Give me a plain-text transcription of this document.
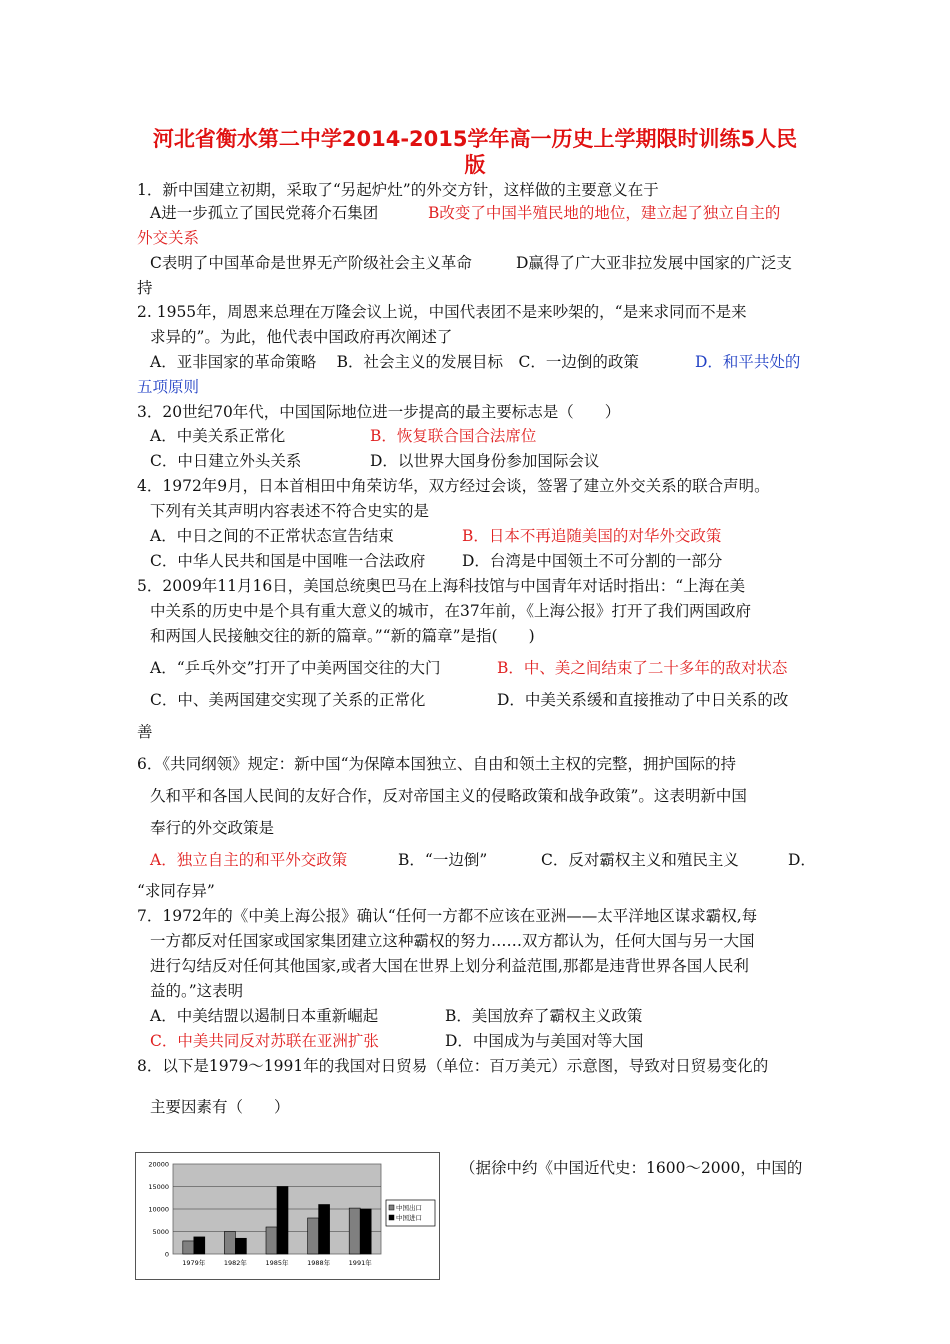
河北省衡水第二中学2014-2015学年高一历史上学期限时训练5人民
版
1．新中国建立初期，采取了“另起炉灶”的外交方针，这样做的主要意义在于
A进一步孤立了国民党蒋介石集团	B改变了中国半殖民地的地位，建立起了独立自主的
外交关系
C表明了中国革命是世界无产阶级社会主义革命	D赢得了广大亚非拉发展中国家的广泛支
持
2. 1955年，周恩来总理在万隆会议上说，中国代表团不是来吵架的，“是来求同而不是来
求异的”。为此，他代表中国政府再次阐述了
A．亚非国家的革命策略　 B．社会主义的发展目标　C．一边倒的政策	D．和平共处的
五项原则
3．20世纪70年代，中国国际地位进一步提高的最主要标志是（　　）
A．中美关系正常化	B．恢复联合国合法席位
C．中日建立外头关系	D．以世界大国身份参加国际会议
4．1972年9月，日本首相田中角荣访华，双方经过会谈，签署了建立外交关系的联合声明。
下列有关其声明内容表述不符合史实的是
A．中日之间的不正常状态宣告结束	B．日本不再追随美国的对华外交政策
C．中华人民共和国是中国唯一合法政府 D．台湾是中国领土不可分割的一部分
5．2009年11月16日，美国总统奥巴马在上海科技馆与中国青年对话时指出：“上海在美
中关系的历史中是个具有重大意义的城市，在37年前，《上海公报》打开了我们两国政府
和两国人民接触交往的新的篇章。”“新的篇章”是指(　　)
A．“乒乓外交”打开了中美两国交往的大门	B．中、美之间结束了二十多年的敌对状态
C．中、美两国建交实现了关系的正常化	D．中美关系缓和直接推动了中日关系的改
善
6．《共同纲领》规定：新中国“为保障本国独立、自由和领土主权的完整，拥护国际的持
久和平和各国人民间的友好合作，反对帝国主义的侵略政策和战争政策”。这表明新中国
奉行的外交政策是
A．独立自主的和平外交政策	B．“一边倒”	C．反对霸权主义和殖民主义	D．
“求同存异”
7．1972年的《中美上海公报》确认“任何一方都不应该在亚洲——太平洋地区谋求霸权,每
一方都反对任国家或国家集团建立这种霸权的努力……双方都认为，任何大国与另一大国
进行勾结反对任何其他国家,或者大国在世界上划分利益范围,那都是违背世界各国人民利
益的。”这表明
A．中美结盟以遏制日本重新崛起	B．美国放弃了霸权主义政策
C．中美共同反对苏联在亚洲扩张	D．中国成为与美国对等大国
8．以下是1979～1991年的我国对日贸易（单位：百万美元）示意图，导致对日贸易变化的
主要因素有（　　）
（据徐中约《中国近代史：1600～2000，中国的
20000
15000
10000
5000
0
1979年	1982年	1985年	1988年	1991年
中国出口
中国进口
